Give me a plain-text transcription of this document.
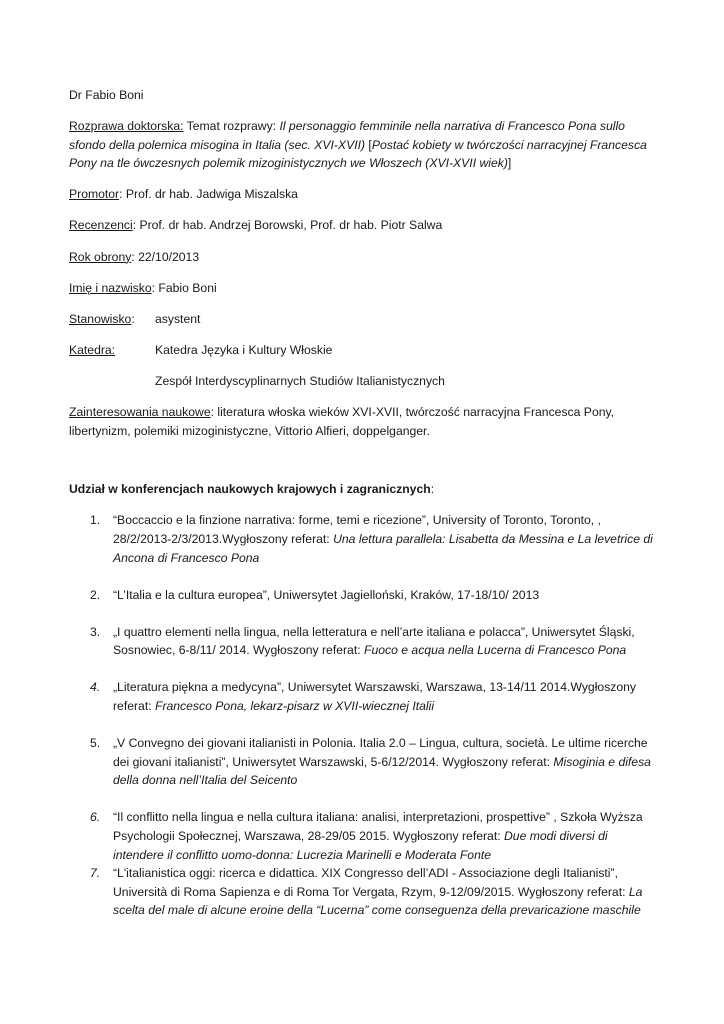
Dr Fabio Boni

Rozprawa doktorska: Temat rozprawy: Il personaggio femminile nella narrativa di Francesco Pona sullo sfondo della polemica misogina in Italia (sec. XVI-XVII) [Postać kobiety w twórczości narracyjnej Francesca Pony na tle ówczesnych polemik mizoginistycznych we Włoszech (XVI-XVII wiek)]

Promotor: Prof. dr hab. Jadwiga Miszalska

Recenzenci: Prof. dr hab. Andrzej Borowski, Prof. dr hab. Piotr Salwa

Rok obrony: 22/10/2013

Imię i nazwisko: Fabio Boni

Stanowisko:	asystent
Katedra:	Katedra Języka i Kultury Włoskie

Zespół Interdyscyplinarnych Studiów Italianistycznych

Zainteresowania naukowe: literatura włoska wieków XVI-XVII, twórczość narracyjna Francesca Pony, libertynizm, polemiki mizoginistyczne, Vittorio Alfieri, doppelganger.

Udział w konferencjach naukowych krajowych i zagranicznych:

1. “Boccaccio e la finzione narrativa: forme, temi e ricezione”, University of Toronto, Toronto, , 28/2/2013-2/3/2013.Wygłoszony referat: Una lettura parallela: Lisabetta da Messina e La levetrice di Ancona di Francesco Pona
2. “L’Italia e la cultura europea”, Uniwersytet Jagielloński, Kraków, 17-18/10/ 2013
3. „I quattro elementi nella lingua, nella letteratura e nell’arte italiana e polacca”, Uniwersytet Śląski, Sosnowiec, 6-8/11/ 2014. Wygłoszony referat: Fuoco e acqua nella Lucerna di Francesco Pona
4. „Literatura piękna a medycyna”, Uniwersytet Warszawski, Warszawa, 13-14/11 2014.Wygłoszony referat: Francesco Pona, lekarz-pisarz w XVII-wiecznej Italii
5. „V Convegno dei giovani italianisti in Polonia. Italia 2.0 – Lingua, cultura, società. Le ultime ricerche dei giovani italianisti”, Uniwersytet Warszawski, 5-6/12/2014. Wygłoszony referat: Misoginia e difesa della donna nell’Italia del Seicento
6. “Il conflitto nella lingua e nella cultura italiana: analisi, interpretazioni, prospettive” , Szkoła Wyższa Psychologii Społecznej, Warszawa, 28-29/05 2015. Wygłoszony referat: Due modi diversi di intendere il conflitto uomo-donna: Lucrezia Marinelli e Moderata Fonte
7. “L'italianistica oggi: ricerca e didattica. XIX Congresso dell’ADI - Associazione degli Italianisti”, Università di Roma Sapienza e di Roma Tor Vergata, Rzym, 9-12/09/2015. Wygłoszony referat: La scelta del male di alcune eroine della “Lucerna” come conseguenza della prevaricazione maschile
